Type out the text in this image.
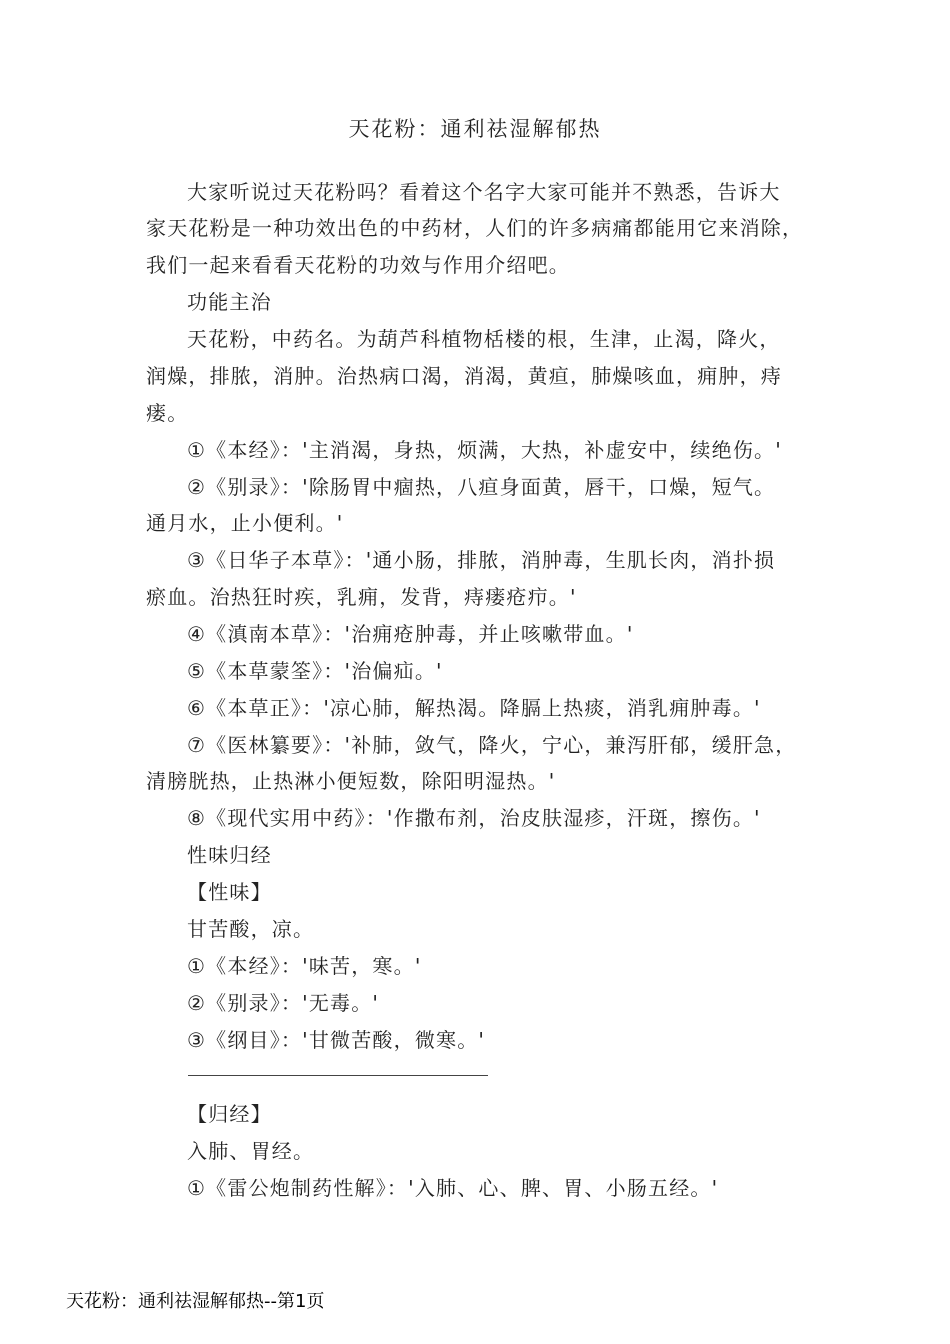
天花粉：通利祛湿解郁热
大家听说过天花粉吗？看着这个名字大家可能并不熟悉，告诉大
家天花粉是一种功效出色的中药材，人们的许多病痛都能用它来消除，
我们一起来看看天花粉的功效与作用介绍吧。
功能主治
天花粉，中药名。为葫芦科植物栝楼的根，生津，止渴，降火，
润燥，排脓，消肿。治热病口渴，消渴，黄疸，肺燥咳血，痈肿，痔
瘘。
①《本经》：'主消渴，身热，烦满，大热，补虚安中，续绝伤。'
②《别录》：'除肠胃中痼热，八疸身面黄，唇干，口燥，短气。
通月水，止小便利。'
③《日华子本草》：'通小肠，排脓，消肿毒，生肌长肉，消扑损
瘀血。治热狂时疾，乳痈，发背，痔瘘疮疖。'
④《滇南本草》：'治痈疮肿毒，并止咳嗽带血。'
⑤《本草蒙筌》：'治偏疝。'
⑥《本草正》：'凉心肺，解热渴。降膈上热痰，消乳痈肿毒。'
⑦《医林纂要》：'补肺，敛气，降火，宁心，兼泻肝郁，缓肝急，
清膀胱热，止热淋小便短数，除阳明湿热。'
⑧《现代实用中药》：'作撒布剂，治皮肤湿疹，汗斑，擦伤。'
性味归经
【性味】
甘苦酸，凉。
①《本经》：'味苦，寒。'
②《别录》：'无毒。'
③《纲目》：'甘微苦酸，微寒。'
【归经】
入肺、胃经。
①《雷公炮制药性解》：'入肺、心、脾、胃、小肠五经。'
天花粉：通利祛湿解郁热--第1页
